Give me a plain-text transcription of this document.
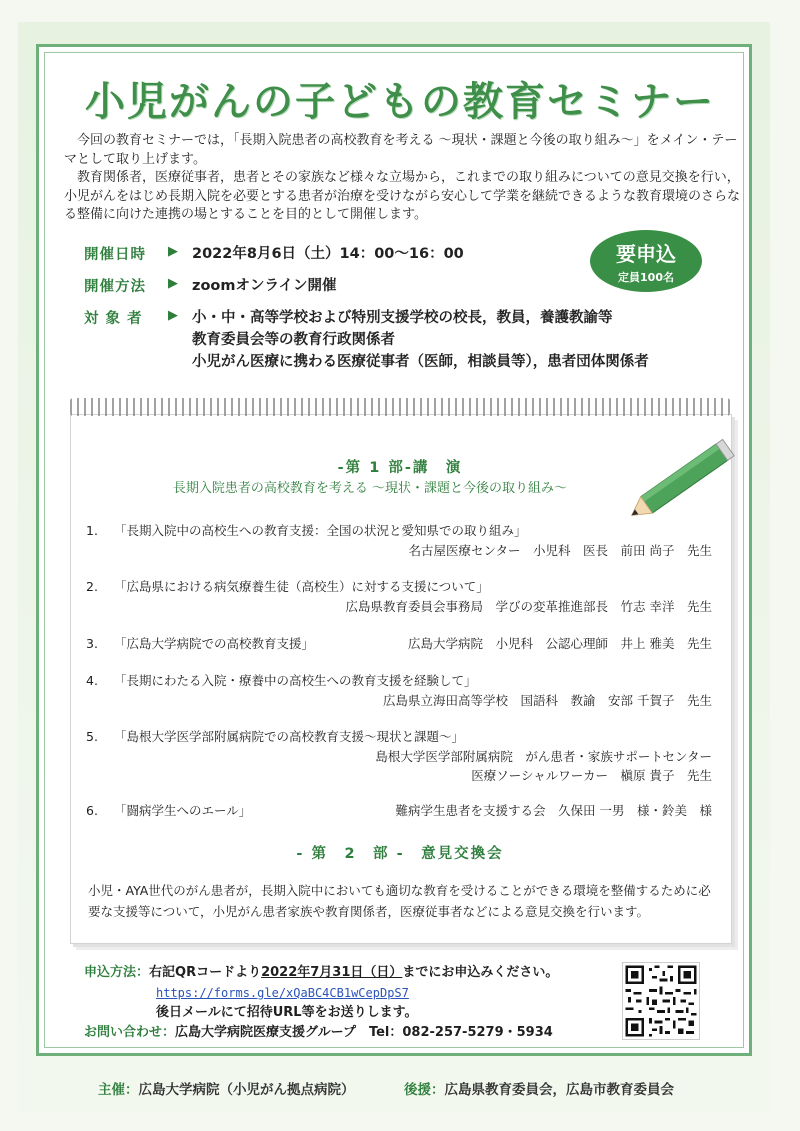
小児がんの子どもの教育セミナー

今回の教育セミナーでは，「長期入院患者の高校教育を考える ～現状・課題と今後の取り組み～」をメイン・テーマとして取り上げます。

教育関係者，医療従事者，患者とその家族など様々な立場から，これまでの取り組みについての意見交換を行い，小児がんをはじめ長期入院を必要とする患者が治療を受けながら安心して学業を継続できるような教育環境のさらなる整備に向けた連携の場とすることを目的として開催します。

開催日時	▶ 2022年8月6日（土）14：00～16：00
開催方法	▶ zoomオンライン開催
対 象 者	▶ 小・中・高等学校および特別支援学校の校長，教員，養護教諭等
教育委員会等の教育行政関係者
小児がん医療に携わる医療従事者（医師，相談員等），患者団体関係者
要申込
定員100名
-第 1 部-講　演
長期入院患者の高校教育を考える ～現状・課題と今後の取り組み～
1.	「長期入院中の高校生への教育支援：全国の状況と愛知県での取り組み」
名古屋医療センター　小児科　医長　前田 尚子　先生
2.	「広島県における病気療養生徒（高校生）に対する支援について」
広島県教育委員会事務局　学びの変革推進部長　竹志 幸洋　先生
3.	「広島大学病院での高校教育支援」	広島大学病院　小児科　公認心理師　井上 雅美　先生
4.	「長期にわたる入院・療養中の高校生への教育支援を経験して」
広島県立海田高等学校　国語科　教諭　安部 千賀子　先生
5.	「島根大学医学部附属病院での高校教育支援～現状と課題～」
島根大学医学部附属病院　がん患者・家族サポートセンター
医療ソーシャルワーカー　槇原 貴子　先生
6.	「闘病学生へのエール」	難病学生患者を支援する会　久保田 一男　様・鈴美　様
- 第　2　部 -　意見交換会
小児・AYA世代のがん患者が，長期入院中においても適切な教育を受けることができる環境を整備するために必要な支援等について，小児がん患者家族や教育関係者，医療従事者などによる意見交換を行います。
申込方法： 右記QRコードより 2022年7月31日（日） までにお申込みください。
https://forms.gle/xQaBC4CB1wCepDpS7
後日メールにて招待URL等をお送りします。
お問い合わせ： 広島大学病院医療支援グループ　Tel：082-257-5279・5934
主催：広島大学病院（小児がん拠点病院）	後援：広島県教育委員会，広島市教育委員会
